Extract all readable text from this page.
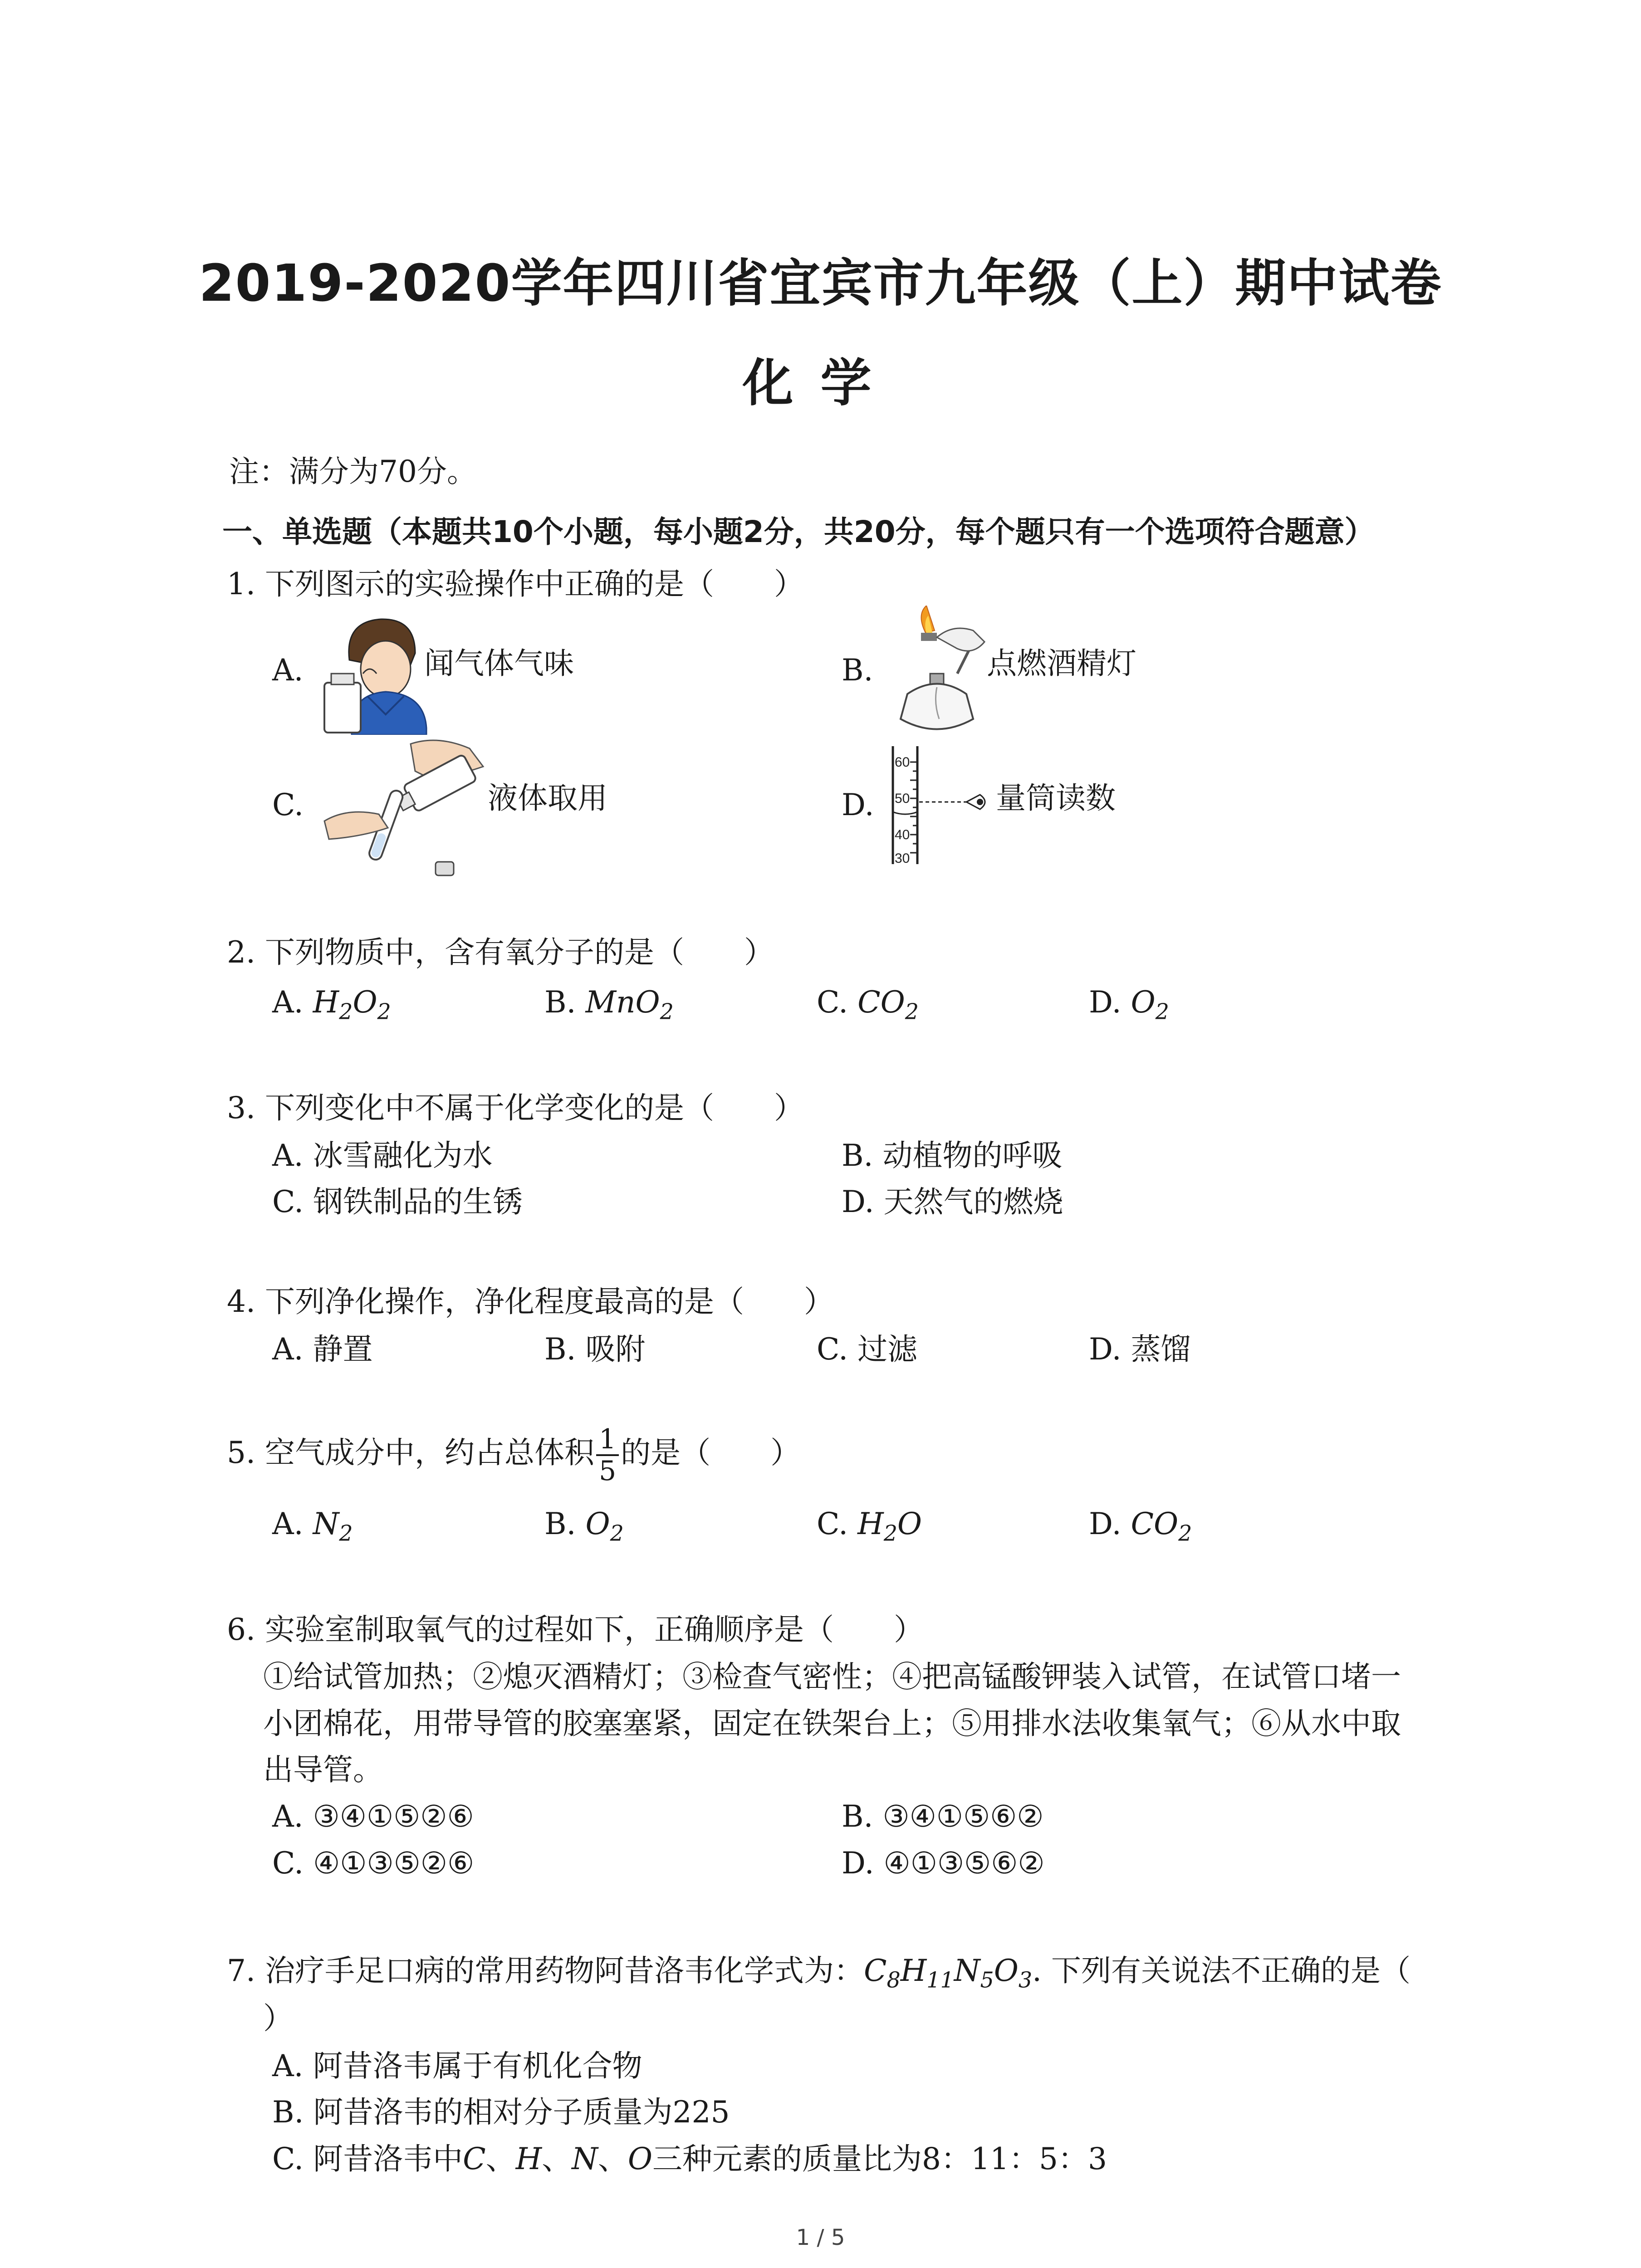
2019-2020学年四川省宜宾市九年级（上）期中试卷
化学
注：满分为70分。
一、单选题（本题共10个小题，每小题2分，共20分，每个题只有一个选项符合题意）
1. 下列图示的实验操作中正确的是（　　）
A.	闻气体气味	B.	点燃酒精灯
C.	液体取用	D.
60
50
40
30
量筒读数
2. 下列物质中，含有氧分子的是（　　）
A. $H_2O_2$	B. MnO$_2$	C. $CO_2$	D. $O_2$
3. 下列变化中不属于化学变化的是（　　）
A. 冰雪融化为水	B. 动植物的呼吸
C. 钢铁制品的生锈	D. 天然气的燃烧
4. 下列净化操作，净化程度最高的是（　　）
A. 静置	B. 吸附	C. 过滤	D. 蒸馏
5. 空气成分中，约占总体积 $\frac{1}{5}$ 的是（　　）
A. $N_2$	B. $O_2$	C. $H_2O$	D. $CO_2$
6. 实验室制取氧气的过程如下，正确顺序是（　　）
①给试管加热；②熄灭酒精灯；③检查气密性；④把高锰酸钾装入试管，在试管口堵一
小团棉花，用带导管的胶塞塞紧，固定在铁架台上；⑤用排水法收集氧气；⑥从水中取
出导管。
A. ③④①⑤②⑥	B. ③④①⑤⑥②
C. ④①③⑤②⑥	D. ④①③⑤⑥②
7. 治疗手足口病的常用药物阿昔洛韦化学式为：$C_8H_{11}N_5O_3$. 下列有关说法不正确的是（
）
A. 阿昔洛韦属于有机化合物
B. 阿昔洛韦的相对分子质量为225
C. 阿昔洛韦中C、H、N、O三种元素的质量比为8：11：5：3
1 / 5
